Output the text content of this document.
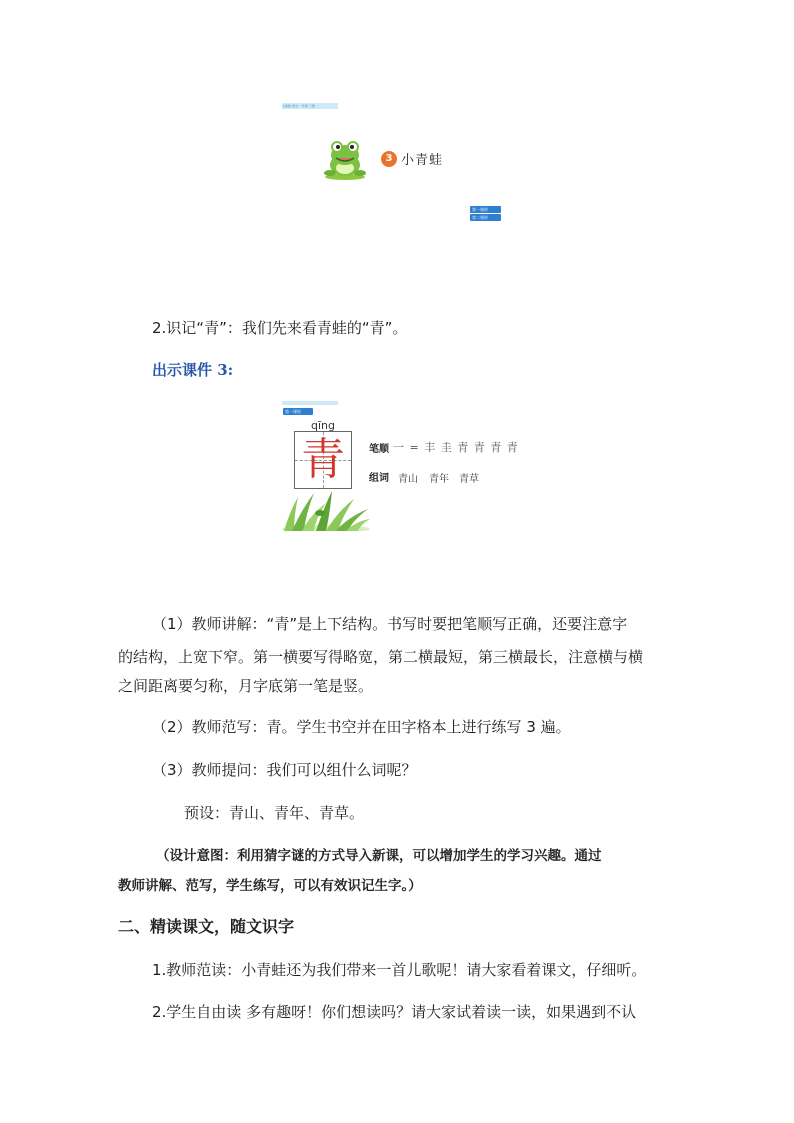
人教版 语文 一年级 下册
3 小青蛙
第一课时
第二课时
2.识记“青”：我们先来看青蛙的“青”。
出示课件 3:
第一课时
qīng
青	笔顺 一 = 丰 圭 青 青 青 青
组词 青山 青年 青草
（1）教师讲解：“青”是上下结构。书写时要把笔顺写正确，还要注意字
的结构，上宽下窄。第一横要写得略宽，第二横最短，第三横最长，注意横与横
之间距离要匀称，月字底第一笔是竖。
（2）教师范写：青。学生书空并在田字格本上进行练写 3 遍。
（3）教师提问：我们可以组什么词呢？
预设：青山、青年、青草。
（设计意图：利用猜字谜的方式导入新课，可以增加学生的学习兴趣。通过
教师讲解、范写，学生练写，可以有效识记生字。）
二、精读课文，随文识字
1.教师范读：小青蛙还为我们带来一首儿歌呢！请大家看着课文，仔细听。
2.学生自由读 多有趣呀！你们想读吗？请大家试着读一读，如果遇到不认
